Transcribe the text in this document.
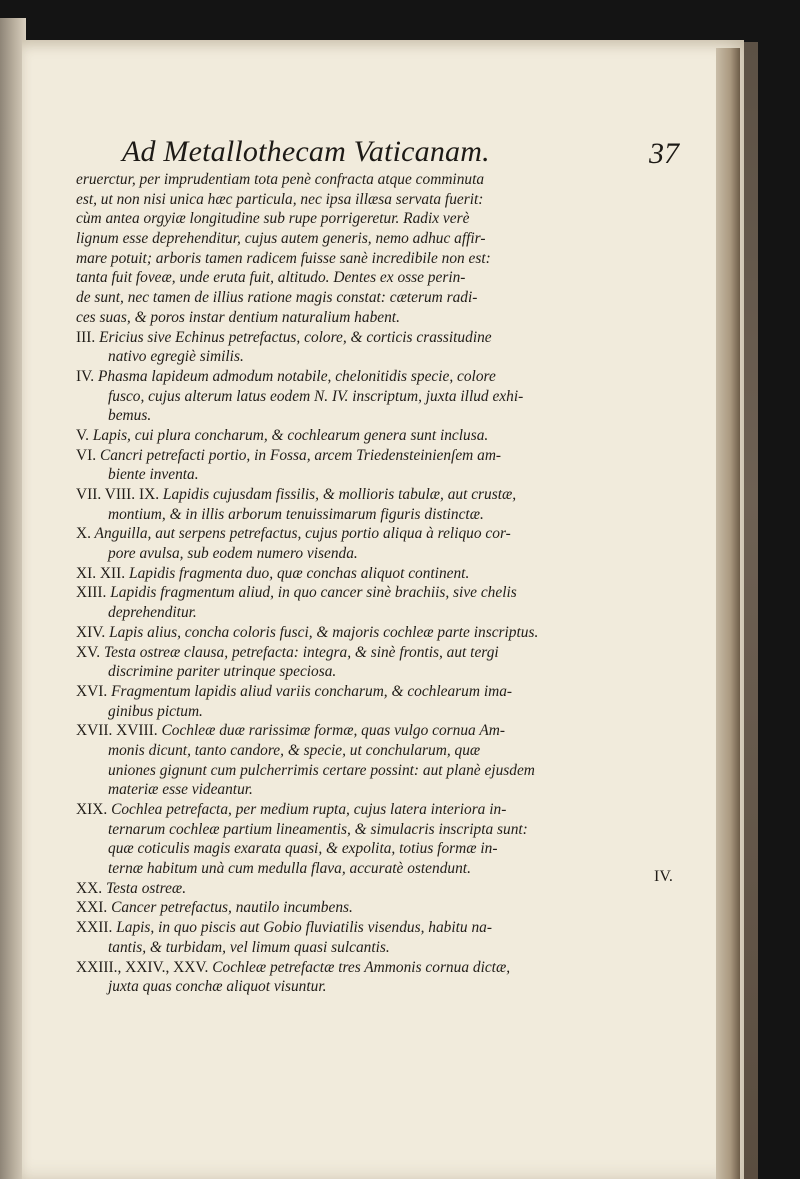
Ad Metallothecam Vaticanam.	37
eruerctur, per imprudentiam tota penè confracta atque comminuta
est, ut non nisi unica hæc particula, nec ipsa illæsa servata fuerit:
cùm antea orgyiæ longitudine sub rupe porrigeretur. Radix verè
lignum esse deprehenditur, cujus autem generis, nemo adhuc affir-
mare potuit; arboris tamen radicem fuisse sanè incredibile non est:
tanta fuit foveæ, unde eruta fuit, altitudo. Dentes ex osse perin-
de sunt, nec tamen de illius ratione magis constat: cæterum radi-
ces suas, & poros instar dentium naturalium habent.
III. Ericius sive Echinus petrefactus, colore, & corticis crassitudine
nativo egregiè similis.
IV. Phasma lapideum admodum notabile, chelonitidis specie, colore
fusco, cujus alterum latus eodem N. IV. inscriptum, juxta illud exhi-
bemus.
V. Lapis, cui plura concharum, & cochlearum genera sunt inclusa.
VI. Cancri petrefacti portio, in Fossa, arcem Triedensteinienſem am-
biente inventa.
VII. VIII. IX. Lapidis cujusdam fissilis, & mollioris tabulæ, aut crustæ,
montium, & in illis arborum tenuissimarum figuris distinctæ.
X. Anguilla, aut serpens petrefactus, cujus portio aliqua à reliquo cor-
pore avulsa, sub eodem numero visenda.
XI. XII. Lapidis fragmenta duo, quæ conchas aliquot continent.
XIII. Lapidis fragmentum aliud, in quo cancer sinè brachiis, sive chelis
deprehenditur.
XIV. Lapis alius, concha coloris fusci, & majoris cochleæ parte inscriptus.
XV. Testa ostreæ clausa, petrefacta: integra, & sinè frontis, aut tergi
discrimine pariter utrinque speciosa.
XVI. Fragmentum lapidis aliud variis concharum, & cochlearum ima-
ginibus pictum.
XVII. XVIII. Cochleæ duæ rarissimæ formæ, quas vulgo cornua Am-
monis dicunt, tanto candore, & specie, ut conchularum, quæ
uniones gignunt cum pulcherrimis certare possint: aut planè ejusdem
materiæ esse videantur.
XIX. Cochlea petrefacta, per medium rupta, cujus latera interiora in-
ternarum cochleæ partium lineamentis, & simulacris inscripta sunt:
quæ coticulis magis exarata quasi, & expolita, totius formæ in-
ternæ habitum unà cum medulla flava, accuratè ostendunt.
XX. Testa ostreæ.
XXI. Cancer petrefactus, nautilo incumbens.
XXII. Lapis, in quo piscis aut Gobio fluviatilis visendus, habitu na-
tantis, & turbidam, vel limum quasi sulcantis.
XXIII., XXIV., XXV. Cochleæ petrefactæ tres Ammonis cornua dictæ,
juxta quas conchæ aliquot visuntur.
IV.
